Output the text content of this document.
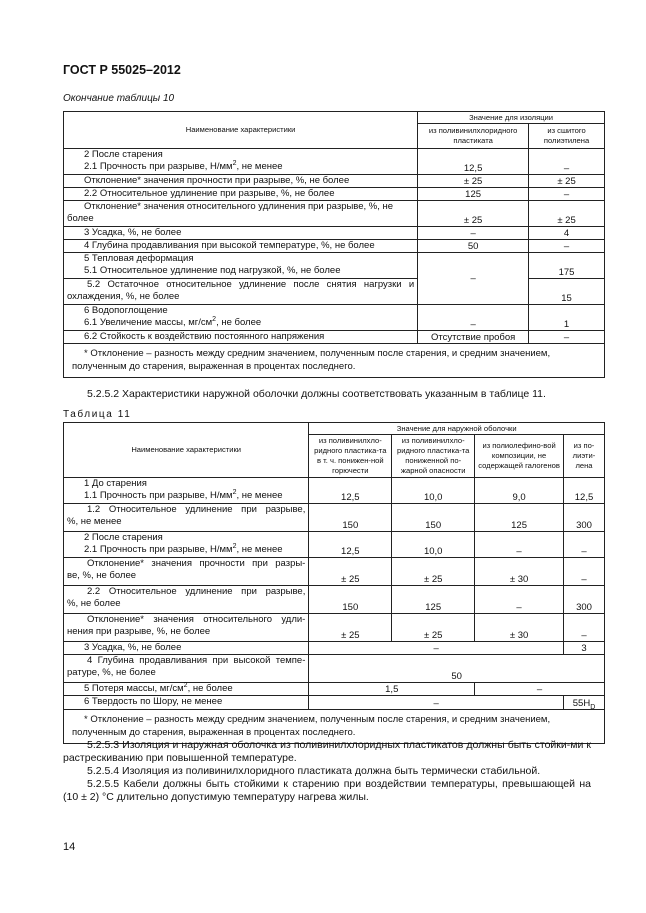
ГОСТ Р 55025–2012
Окончание таблицы 10
Наименование характеристики	Значение для изоляции	
	из поливинилхлоридного пластиката	из сшитого полиэтилена

2 После старения
2.1 Прочность при разрыве, $Н/мм^2$, не менее	12,5	–
Отклонение* значения прочности при разрыве, %, не более	± 25	± 25
2.2 Относительное удлинение при разрыве, %, не более	125	–

Отклонение* значения относительного удлинения при разрыве, %, не
более	± 25	± 25
3 Усадка, %, не более	–	4
4 Глубина продавливания при высокой температуре, %, не более	50	–

5 Тепловая деформация
5.1 Относительное удлинение под нагрузкой, %, не более	–	175

5.2 Остаточное относительное удлинение после снятия нагрузки и
охлаждения, %, не более		15

6 Водопоглощение
6.1 Увеличение массы, $мг/см^2$, не более	–	1
6.2 Стойкость к воздействию постоянного напряжения	Отсутствие пробоя	–
* Отклонение – разность между средним значением, полученным после старения, и средним значением, полученным до старения, выраженная в процентах последнего.		
5.2.5.2 Характеристики наружной оболочки должны соответствовать указанным в таблице 11.
Таблица 11
Наименование характеристики	Значение для наружной оболочки			
	из поливинилхло-ридного пластика-та в т. ч. понижен-ной горючести	из поливинилхло-ридного пластика-та пониженной по-жарной опасности	из полиолефино-вой композиции, не содержащей галогенов	из по-лиэти-лена

1 До старения
1.1 Прочность при разрыве, $Н/мм^2$, не менее	12,5	10,0	9,0	12,5

1.2 Относительное удлинение при разрыве,
%, не менее	150	150	125	300

2 После старения
2.1 Прочность при разрыве, $Н/мм^2$, не менее	12,5	10,0	–	–

Отклонение* значения прочности при разры-
ве, %, не более	± 25	± 25	± 30	–

2.2 Относительное удлинение при разрыве,
%, не более	150	125	–	300

Отклонение* значения относительного удли-
нения при разрыве, %, не более	± 25	± 25	± 30	–
3 Усадка, %, не более	–			3

4 Глубина продавливания при высокой темпе-
ратуре, %, не более	50			
5 Потеря массы, $мг/см^2$, не более	1,5		–	
6 Твердость по Шору, не менее	–			$55H_D$
* Отклонение – разность между средним значением, полученным после старения, и средним значением, полученным до старения, выраженная в процентах последнего.				
5.2.5.3 Изоляция и наружная оболочка из поливинилхлоридных пластикатов должны быть стойки-ми к растрескиванию при повышенной температуре.
5.2.5.4 Изоляция из поливинилхлоридного пластиката должна быть термически стабильной.
5.2.5.5 Кабели должны быть стойкими к старению при воздействии температуры, превышающей на (10 ± 2) °С длительно допустимую температуру нагрева жилы.
14
